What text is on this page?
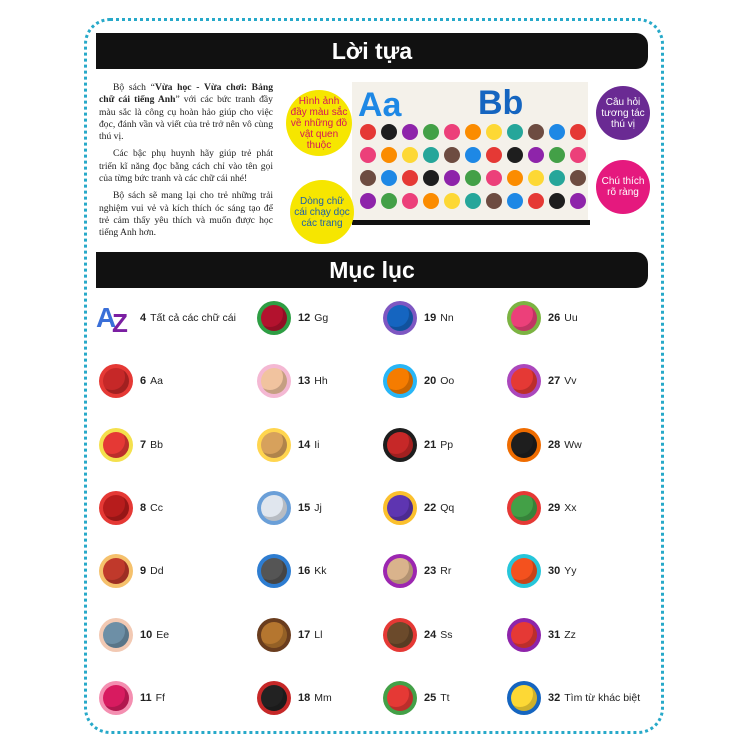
Lời tựa

Bộ sách “Vừa học - Vừa chơi: Bảng chữ cái tiếng Anh” với các bức tranh đầy màu sắc là công cụ hoàn hảo giúp cho việc đọc, đánh vần và viết của trẻ trở nên vô cùng thú vị.

Các bậc phụ huynh hãy giúp trẻ phát triển kĩ năng đọc bằng cách chỉ vào tên gọi của từng bức tranh và các chữ cái nhé!

Bộ sách sẽ mang lại cho trẻ những trải nghiệm vui vẻ và kích thích óc sáng tạo để trẻ cảm thấy yêu thích và muốn được học tiếng Anh hơn.

Aa Bb
Hình ảnh đầy màu sắc về những đồ vật quen thuộc
Dòng chữ cái chạy dọc các trang
Câu hỏi tương tác thú vị
Chú thích rõ ràng
Mục lục
A
Z 4 Tất cả các chữ cái
6 Aa
7 Bb
8 Cc
9 Dd
10 Ee
11 Ff
12 Gg
13 Hh
14 Ii
15 Jj
16 Kk
17 Ll
18 Mm
19 Nn
20 Oo
21 Pp
22 Qq
23 Rr
24 Ss
25 Tt
26 Uu
27 Vv
28 Ww
29 Xx
30 Yy
31 Zz
32 Tìm từ khác biệt
